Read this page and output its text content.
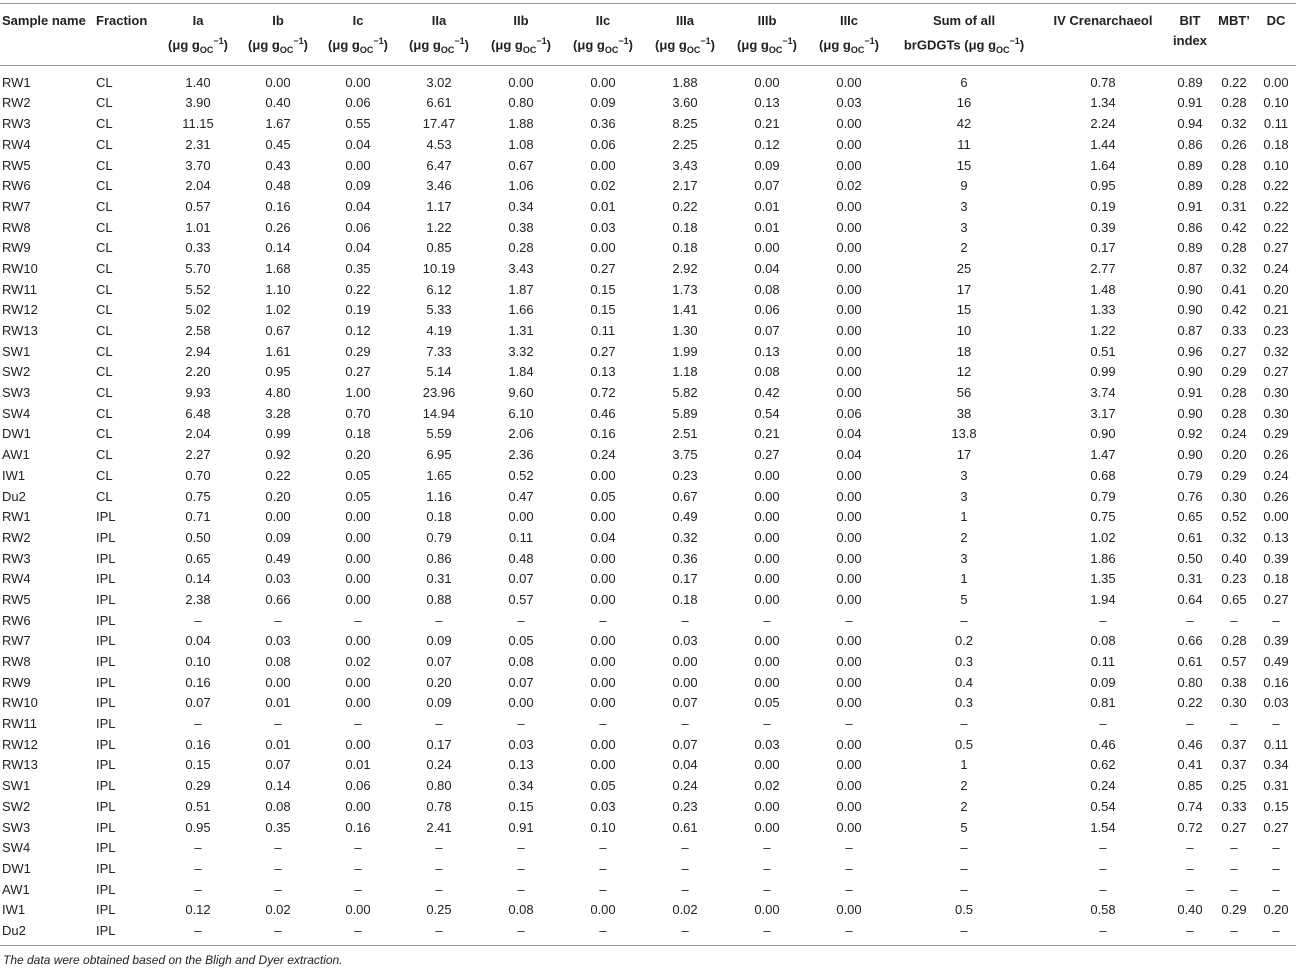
Sample name	Fraction	Ia	Ib	Ic	IIa	IIb	IIc	IIIa	IIIb	IIIc	Sum of all	IV Crenarchaeol	BIT	MBT’	DC
		(μg $g_{OC}^{-1}$)	(μg $g_{OC}^{-1}$)	(μg $g_{OC}^{-1}$)	(μg $g_{OC}^{-1}$)	(μg $g_{OC}^{-1}$)	(μg $g_{OC}^{-1}$)	(μg $g_{OC}^{-1}$)	(μg $g_{OC}^{-1}$)	(μg $g_{OC}^{-1}$)	brGDGTs (μg $g_{OC}^{-1}$)		index		
RW1	CL	1.40	0.00	0.00	3.02	0.00	0.00	1.88	0.00	0.00	6	0.78	0.89	0.22	0.00
RW2	CL	3.90	0.40	0.06	6.61	0.80	0.09	3.60	0.13	0.03	16	1.34	0.91	0.28	0.10
RW3	CL	11.15	1.67	0.55	17.47	1.88	0.36	8.25	0.21	0.00	42	2.24	0.94	0.32	0.11
RW4	CL	2.31	0.45	0.04	4.53	1.08	0.06	2.25	0.12	0.00	11	1.44	0.86	0.26	0.18
RW5	CL	3.70	0.43	0.00	6.47	0.67	0.00	3.43	0.09	0.00	15	1.64	0.89	0.28	0.10
RW6	CL	2.04	0.48	0.09	3.46	1.06	0.02	2.17	0.07	0.02	9	0.95	0.89	0.28	0.22
RW7	CL	0.57	0.16	0.04	1.17	0.34	0.01	0.22	0.01	0.00	3	0.19	0.91	0.31	0.22
RW8	CL	1.01	0.26	0.06	1.22	0.38	0.03	0.18	0.01	0.00	3	0.39	0.86	0.42	0.22
RW9	CL	0.33	0.14	0.04	0.85	0.28	0.00	0.18	0.00	0.00	2	0.17	0.89	0.28	0.27
RW10	CL	5.70	1.68	0.35	10.19	3.43	0.27	2.92	0.04	0.00	25	2.77	0.87	0.32	0.24
RW11	CL	5.52	1.10	0.22	6.12	1.87	0.15	1.73	0.08	0.00	17	1.48	0.90	0.41	0.20
RW12	CL	5.02	1.02	0.19	5.33	1.66	0.15	1.41	0.06	0.00	15	1.33	0.90	0.42	0.21
RW13	CL	2.58	0.67	0.12	4.19	1.31	0.11	1.30	0.07	0.00	10	1.22	0.87	0.33	0.23
SW1	CL	2.94	1.61	0.29	7.33	3.32	0.27	1.99	0.13	0.00	18	0.51	0.96	0.27	0.32
SW2	CL	2.20	0.95	0.27	5.14	1.84	0.13	1.18	0.08	0.00	12	0.99	0.90	0.29	0.27
SW3	CL	9.93	4.80	1.00	23.96	9.60	0.72	5.82	0.42	0.00	56	3.74	0.91	0.28	0.30
SW4	CL	6.48	3.28	0.70	14.94	6.10	0.46	5.89	0.54	0.06	38	3.17	0.90	0.28	0.30
DW1	CL	2.04	0.99	0.18	5.59	2.06	0.16	2.51	0.21	0.04	13.8	0.90	0.92	0.24	0.29
AW1	CL	2.27	0.92	0.20	6.95	2.36	0.24	3.75	0.27	0.04	17	1.47	0.90	0.20	0.26
IW1	CL	0.70	0.22	0.05	1.65	0.52	0.00	0.23	0.00	0.00	3	0.68	0.79	0.29	0.24
Du2	CL	0.75	0.20	0.05	1.16	0.47	0.05	0.67	0.00	0.00	3	0.79	0.76	0.30	0.26
RW1	IPL	0.71	0.00	0.00	0.18	0.00	0.00	0.49	0.00	0.00	1	0.75	0.65	0.52	0.00
RW2	IPL	0.50	0.09	0.00	0.79	0.11	0.04	0.32	0.00	0.00	2	1.02	0.61	0.32	0.13
RW3	IPL	0.65	0.49	0.00	0.86	0.48	0.00	0.36	0.00	0.00	3	1.86	0.50	0.40	0.39
RW4	IPL	0.14	0.03	0.00	0.31	0.07	0.00	0.17	0.00	0.00	1	1.35	0.31	0.23	0.18
RW5	IPL	2.38	0.66	0.00	0.88	0.57	0.00	0.18	0.00	0.00	5	1.94	0.64	0.65	0.27
RW6	IPL	–	–	–	–	–	–	–	–	–	–	–	–	–	–
RW7	IPL	0.04	0.03	0.00	0.09	0.05	0.00	0.03	0.00	0.00	0.2	0.08	0.66	0.28	0.39
RW8	IPL	0.10	0.08	0.02	0.07	0.08	0.00	0.00	0.00	0.00	0.3	0.11	0.61	0.57	0.49
RW9	IPL	0.16	0.00	0.00	0.20	0.07	0.00	0.00	0.00	0.00	0.4	0.09	0.80	0.38	0.16
RW10	IPL	0.07	0.01	0.00	0.09	0.00	0.00	0.07	0.05	0.00	0.3	0.81	0.22	0.30	0.03
RW11	IPL	–	–	–	–	–	–	–	–	–	–	–	–	–	–
RW12	IPL	0.16	0.01	0.00	0.17	0.03	0.00	0.07	0.03	0.00	0.5	0.46	0.46	0.37	0.11
RW13	IPL	0.15	0.07	0.01	0.24	0.13	0.00	0.04	0.00	0.00	1	0.62	0.41	0.37	0.34
SW1	IPL	0.29	0.14	0.06	0.80	0.34	0.05	0.24	0.02	0.00	2	0.24	0.85	0.25	0.31
SW2	IPL	0.51	0.08	0.00	0.78	0.15	0.03	0.23	0.00	0.00	2	0.54	0.74	0.33	0.15
SW3	IPL	0.95	0.35	0.16	2.41	0.91	0.10	0.61	0.00	0.00	5	1.54	0.72	0.27	0.27
SW4	IPL	–	–	–	–	–	–	–	–	–	–	–	–	–	–
DW1	IPL	–	–	–	–	–	–	–	–	–	–	–	–	–	–
AW1	IPL	–	–	–	–	–	–	–	–	–	–	–	–	–	–
IW1	IPL	0.12	0.02	0.00	0.25	0.08	0.00	0.02	0.00	0.00	0.5	0.58	0.40	0.29	0.20
Du2	IPL	–	–	–	–	–	–	–	–	–	–	–	–	–	–
The data were obtained based on the Bligh and Dyer extraction.
